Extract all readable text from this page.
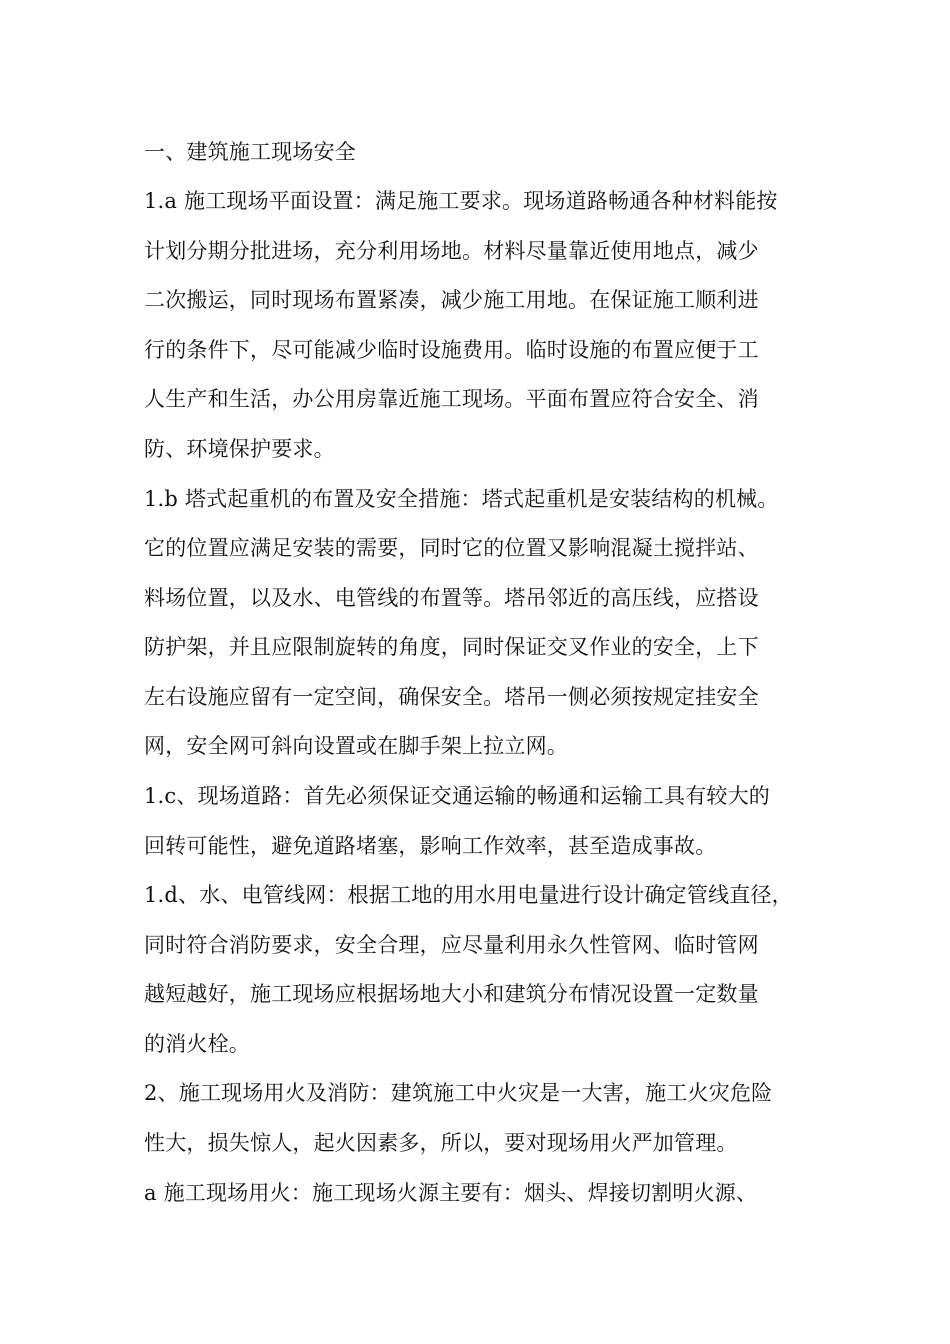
一、建筑施工现场安全
1.a 施工现场平面设置：满足施工要求。现场道路畅通各种材料能按
计划分期分批进场，充分利用场地。材料尽量靠近使用地点，减少
二次搬运，同时现场布置紧凑，减少施工用地。在保证施工顺利进
行的条件下，尽可能减少临时设施费用。临时设施的布置应便于工
人生产和生活，办公用房靠近施工现场。平面布置应符合安全、消
防、环境保护要求。
1.b 塔式起重机的布置及安全措施：塔式起重机是安装结构的机械。
它的位置应满足安装的需要，同时它的位置又影响混凝土搅拌站、
料场位置，以及水、电管线的布置等。塔吊邻近的高压线，应搭设
防护架，并且应限制旋转的角度，同时保证交叉作业的安全，上下
左右设施应留有一定空间，确保安全。塔吊一侧必须按规定挂安全
网，安全网可斜向设置或在脚手架上拉立网。
1.c、现场道路：首先必须保证交通运输的畅通和运输工具有较大的
回转可能性，避免道路堵塞，影响工作效率，甚至造成事故。
1.d、水、电管线网：根据工地的用水用电量进行设计确定管线直径，
同时符合消防要求，安全合理，应尽量利用永久性管网、临时管网
越短越好，施工现场应根据场地大小和建筑分布情况设置一定数量
的消火栓。
2、施工现场用火及消防：建筑施工中火灾是一大害，施工火灾危险
性大，损失惊人，起火因素多，所以，要对现场用火严加管理。
a 施工现场用火：施工现场火源主要有：烟头、焊接切割明火源、
